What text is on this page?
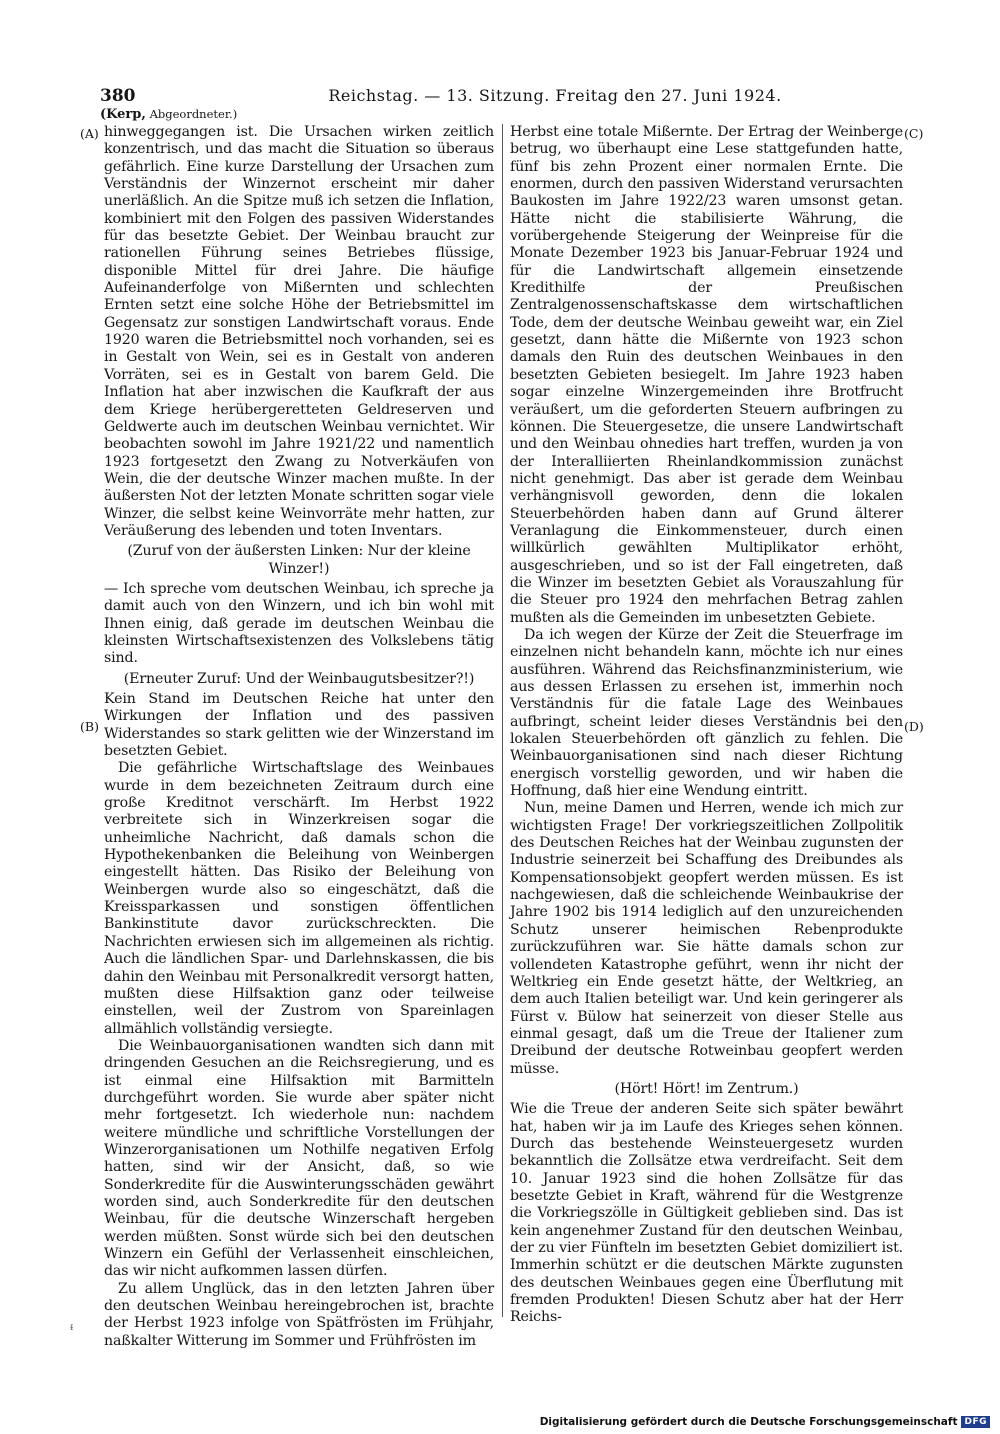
380	Reichstag. — 13. Sitzung. Freitag den 27. Juni 1924.
(Kerp, Abgeordneter.)
(A)
(B)
(C)
(D)

hinweggegangen ist. Die Ursachen wirken zeitlich konzentrisch, und das macht die Situation so überaus gefährlich. Eine kurze Darstellung der Ursachen zum Verständnis der Winzernot erscheint mir daher unerläßlich. An die Spitze muß ich setzen die Inflation, kombiniert mit den Folgen des passiven Widerstandes für das besetzte Gebiet. Der Weinbau braucht zur rationellen Führung seines Betriebes flüssige, disponible Mittel für drei Jahre. Die häufige Aufeinanderfolge von Mißernten und schlechten Ernten setzt eine solche Höhe der Betriebsmittel im Gegensatz zur sonstigen Landwirtschaft voraus. Ende 1920 waren die Betriebsmittel noch vorhanden, sei es in Gestalt von Wein, sei es in Gestalt von anderen Vorräten, sei es in Gestalt von barem Geld. Die Inflation hat aber inzwischen die Kaufkraft der aus dem Kriege herübergeretteten Geldreserven und Geldwerte auch im deutschen Weinbau vernichtet. Wir beobachten sowohl im Jahre 1921/22 und namentlich 1923 fortgesetzt den Zwang zu Notverkäufen von Wein, die der deutsche Winzer machen mußte. In der äußersten Not der letzten Monate schritten sogar viele Winzer, die selbst keine Weinvorräte mehr hatten, zur Veräußerung des lebenden und toten Inventars.

(Zuruf von der äußersten Linken: Nur der kleine Winzer!)

— Ich spreche vom deutschen Weinbau, ich spreche ja damit auch von den Winzern, und ich bin wohl mit Ihnen einig, daß gerade im deutschen Weinbau die kleinsten Wirtschaftsexistenzen des Volkslebens tätig sind.

(Erneuter Zuruf: Und der Weinbaugutsbesitzer?!)

Kein Stand im Deutschen Reiche hat unter den Wirkungen der Inflation und des passiven Widerstandes so stark gelitten wie der Winzerstand im besetzten Gebiet.

Die gefährliche Wirtschaftslage des Weinbaues wurde in dem bezeichneten Zeitraum durch eine große Kreditnot verschärft. Im Herbst 1922 verbreitete sich in Winzerkreisen sogar die unheimliche Nachricht, daß damals schon die Hypothekenbanken die Beleihung von Weinbergen eingestellt hätten. Das Risiko der Beleihung von Weinbergen wurde also so eingeschätzt, daß die Kreissparkassen und sonstigen öffentlichen Bankinstitute davor zurückschreckten. Die Nachrichten erwiesen sich im allgemeinen als richtig. Auch die ländlichen Spar- und Darlehnskassen, die bis dahin den Weinbau mit Personalkredit versorgt hatten, mußten diese Hilfsaktion ganz oder teilweise einstellen, weil der Zustrom von Spareinlagen allmählich vollständig versiegte.

Die Weinbauorganisationen wandten sich dann mit dringenden Gesuchen an die Reichsregierung, und es ist einmal eine Hilfsaktion mit Barmitteln durchgeführt worden. Sie wurde aber später nicht mehr fortgesetzt. Ich wiederhole nun: nachdem weitere mündliche und schriftliche Vorstellungen der Winzerorganisationen um Nothilfe negativen Erfolg hatten, sind wir der Ansicht, daß, so wie Sonderkredite für die Auswinterungsschäden gewährt worden sind, auch Sonderkredite für den deutschen Weinbau, für die deutsche Winzerschaft hergeben werden müßten. Sonst würde sich bei den deutschen Winzern ein Gefühl der Verlassenheit einschleichen, das wir nicht aufkommen lassen dürfen.

Zu allem Unglück, das in den letzten Jahren über den deutschen Weinbau hereingebrochen ist, brachte der Herbst 1923 infolge von Spätfrösten im Frühjahr, naßkalter Witterung im Sommer und Frühfrösten im

Herbst eine totale Mißernte. Der Ertrag der Weinberge betrug, wo überhaupt eine Lese stattgefunden hatte, fünf bis zehn Prozent einer normalen Ernte. Die enormen, durch den passiven Widerstand verursachten Baukosten im Jahre 1922/23 waren umsonst getan. Hätte nicht die stabilisierte Währung, die vorübergehende Steigerung der Weinpreise für die Monate Dezember 1923 bis Januar-Februar 1924 und für die Landwirtschaft allgemein einsetzende Kredithilfe der Preußischen Zentralgenossenschaftskasse dem wirtschaftlichen Tode, dem der deutsche Weinbau geweiht war, ein Ziel gesetzt, dann hätte die Mißernte von 1923 schon damals den Ruin des deutschen Weinbaues in den besetzten Gebieten besiegelt. Im Jahre 1923 haben sogar einzelne Winzergemeinden ihre Brotfrucht veräußert, um die geforderten Steuern aufbringen zu können. Die Steuergesetze, die unsere Landwirtschaft und den Weinbau ohnedies hart treffen, wurden ja von der Interalliierten Rheinlandkommission zunächst nicht genehmigt. Das aber ist gerade dem Weinbau verhängnisvoll geworden, denn die lokalen Steuerbehörden haben dann auf Grund älterer Veranlagung die Einkommensteuer, durch einen willkürlich gewählten Multiplikator erhöht, ausgeschrieben, und so ist der Fall eingetreten, daß die Winzer im besetzten Gebiet als Vorauszahlung für die Steuer pro 1924 den mehrfachen Betrag zahlen mußten als die Gemeinden im unbesetzten Gebiete.

Da ich wegen der Kürze der Zeit die Steuerfrage im einzelnen nicht behandeln kann, möchte ich nur eines ausführen. Während das Reichsfinanzministerium, wie aus dessen Erlassen zu ersehen ist, immerhin noch Verständnis für die fatale Lage des Weinbaues aufbringt, scheint leider dieses Verständnis bei den lokalen Steuerbehörden oft gänzlich zu fehlen. Die Weinbauorganisationen sind nach dieser Richtung energisch vorstellig geworden, und wir haben die Hoffnung, daß hier eine Wendung eintritt.

Nun, meine Damen und Herren, wende ich mich zur wichtigsten Frage! Der vorkriegszeitlichen Zollpolitik des Deutschen Reiches hat der Weinbau zugunsten der Industrie seinerzeit bei Schaffung des Dreibundes als Kompensationsobjekt geopfert werden müssen. Es ist nachgewiesen, daß die schleichende Weinbaukrise der Jahre 1902 bis 1914 lediglich auf den unzureichenden Schutz unserer heimischen Rebenprodukte zurückzuführen war. Sie hätte damals schon zur vollendeten Katastrophe geführt, wenn ihr nicht der Weltkrieg ein Ende gesetzt hätte, der Weltkrieg, an dem auch Italien beteiligt war. Und kein geringerer als Fürst v. Bülow hat seinerzeit von dieser Stelle aus einmal gesagt, daß um die Treue der Italiener zum Dreibund der deutsche Rotweinbau geopfert werden müsse.

(Hört! Hört! im Zentrum.)

Wie die Treue der anderen Seite sich später bewährt hat, haben wir ja im Laufe des Krieges sehen können. Durch das bestehende Weinsteuergesetz wurden bekanntlich die Zollsätze etwa verdreifacht. Seit dem 10. Januar 1923 sind die hohen Zollsätze für das besetzte Gebiet in Kraft, während für die Westgrenze die Vorkriegszölle in Gültigkeit geblieben sind. Das ist kein angenehmer Zustand für den deutschen Weinbau, der zu vier Fünfteln im besetzten Gebiet domiziliert ist. Immerhin schützt er die deutschen Märkte zugunsten des deutschen Weinbaues gegen eine Überflutung mit fremden Produkten! Diesen Schutz aber hat der Herr Reichs-

ᵻ
Digitalisierung gefördert durch die Deutsche Forschungsgemeinschaft DFG
